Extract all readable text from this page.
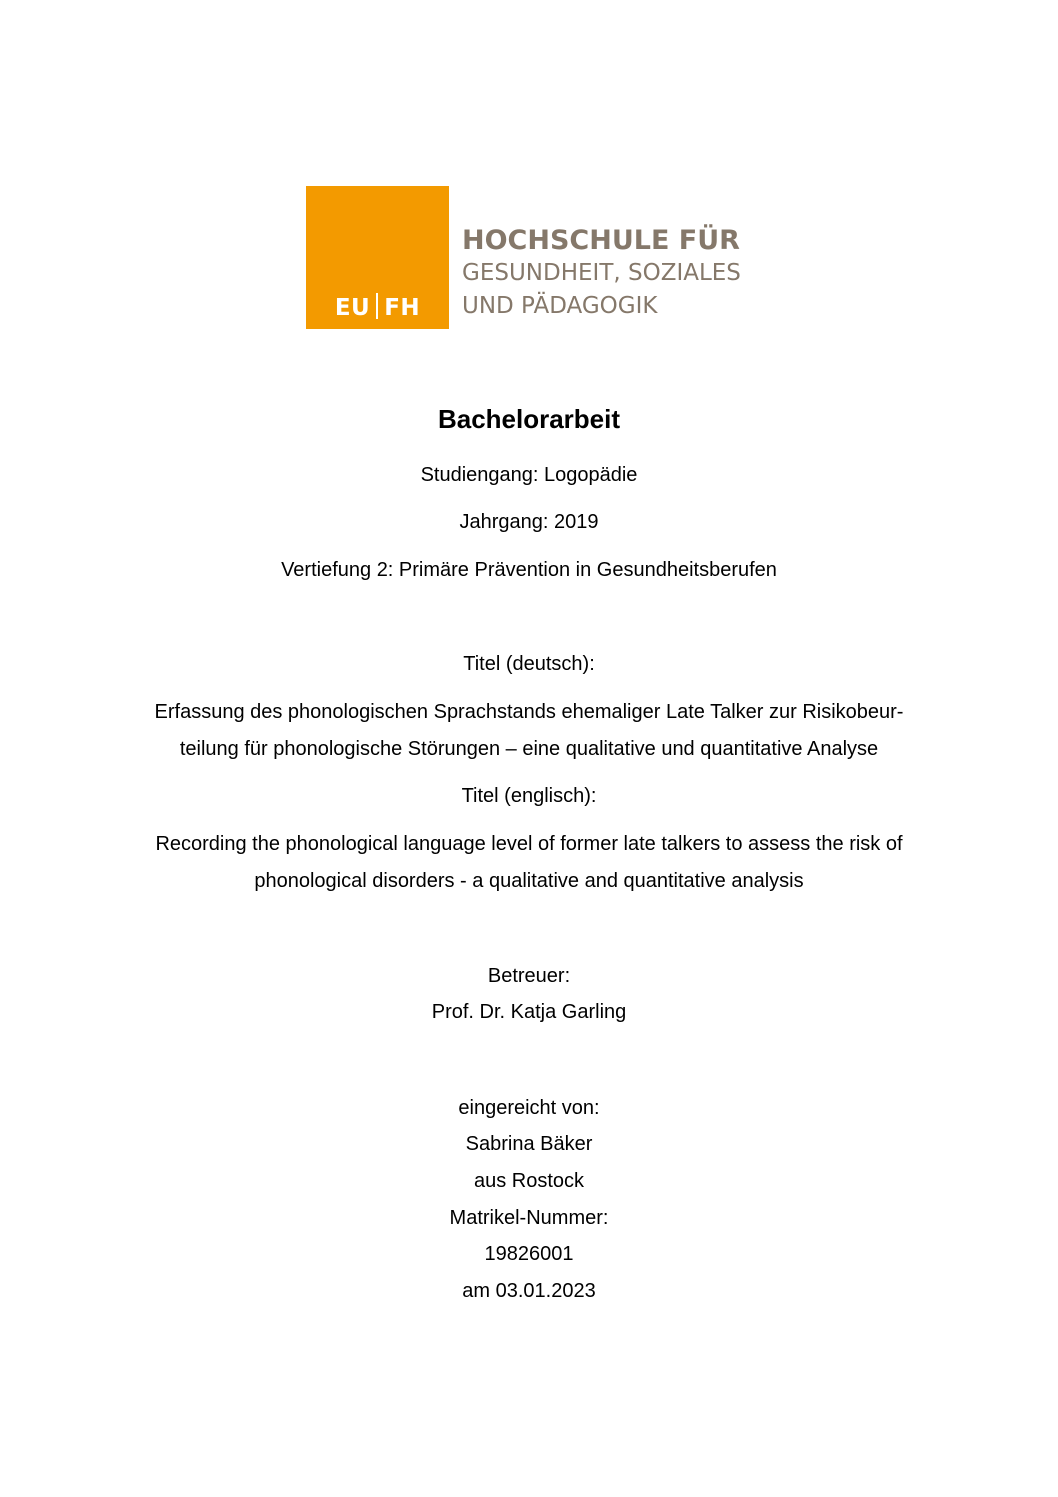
EU FH
HOCHSCHULE FÜR
GESUNDHEIT, SOZIALES
UND PÄDAGOGIK
Bachelorarbeit
Studiengang: Logopädie
Jahrgang: 2019
Vertiefung 2: Primäre Prävention in Gesundheitsberufen
Titel (deutsch):
Erfassung des phonologischen Sprachstands ehemaliger Late Talker zur Risikobeur-
teilung für phonologische Störungen – eine qualitative und quantitative Analyse
Titel (englisch):
Recording the phonological language level of former late talkers to assess the risk of
phonological disorders - a qualitative and quantitative analysis
Betreuer:
Prof. Dr. Katja Garling
eingereicht von:
Sabrina Bäker
aus Rostock
Matrikel-Nummer:
19826001
am 03.01.2023
